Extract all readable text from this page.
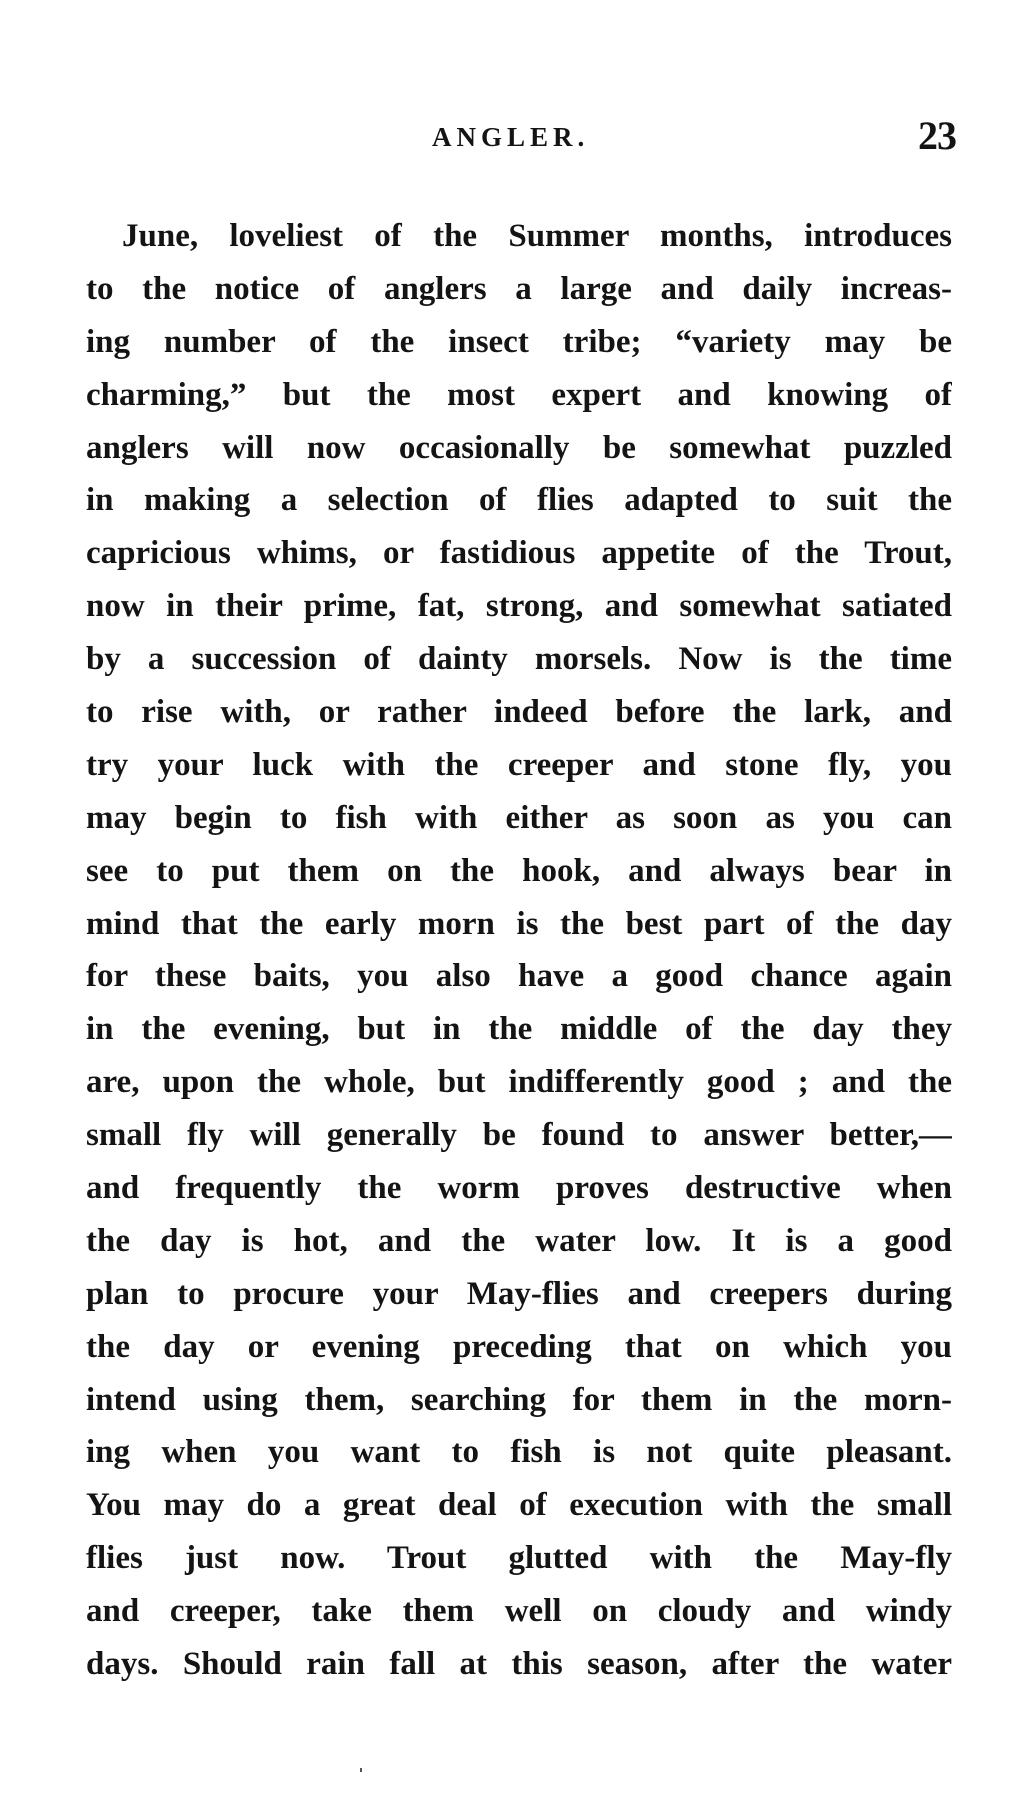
ANGLER.	23
June, loveliest of the Summer months, introduces
to the notice of anglers a large and daily increas-
ing number of the insect tribe; “variety may be
charming,” but the most expert and knowing of
anglers will now occasionally be somewhat puzzled
in making a selection of flies adapted to suit the
capricious whims, or fastidious appetite of the Trout,
now in their prime, fat, strong, and somewhat satiated
by a succession of dainty morsels. Now is the time
to rise with, or rather indeed before the lark, and
try your luck with the creeper and stone fly, you
may begin to fish with either as soon as you can
see to put them on the hook, and always bear in
mind that the early morn is the best part of the day
for these baits, you also have a good chance again
in the evening, but in the middle of the day they
are, upon the whole, but indifferently good ; and the
small fly will generally be found to answer better,—
and frequently the worm proves destructive when
the day is hot, and the water low. It is a good
plan to procure your May-flies and creepers during
the day or evening preceding that on which you
intend using them, searching for them in the morn-
ing when you want to fish is not quite pleasant.
You may do a great deal of execution with the small
flies just now. Trout glutted with the May-fly
and creeper, take them well on cloudy and windy
days. Should rain fall at this season, after the water
